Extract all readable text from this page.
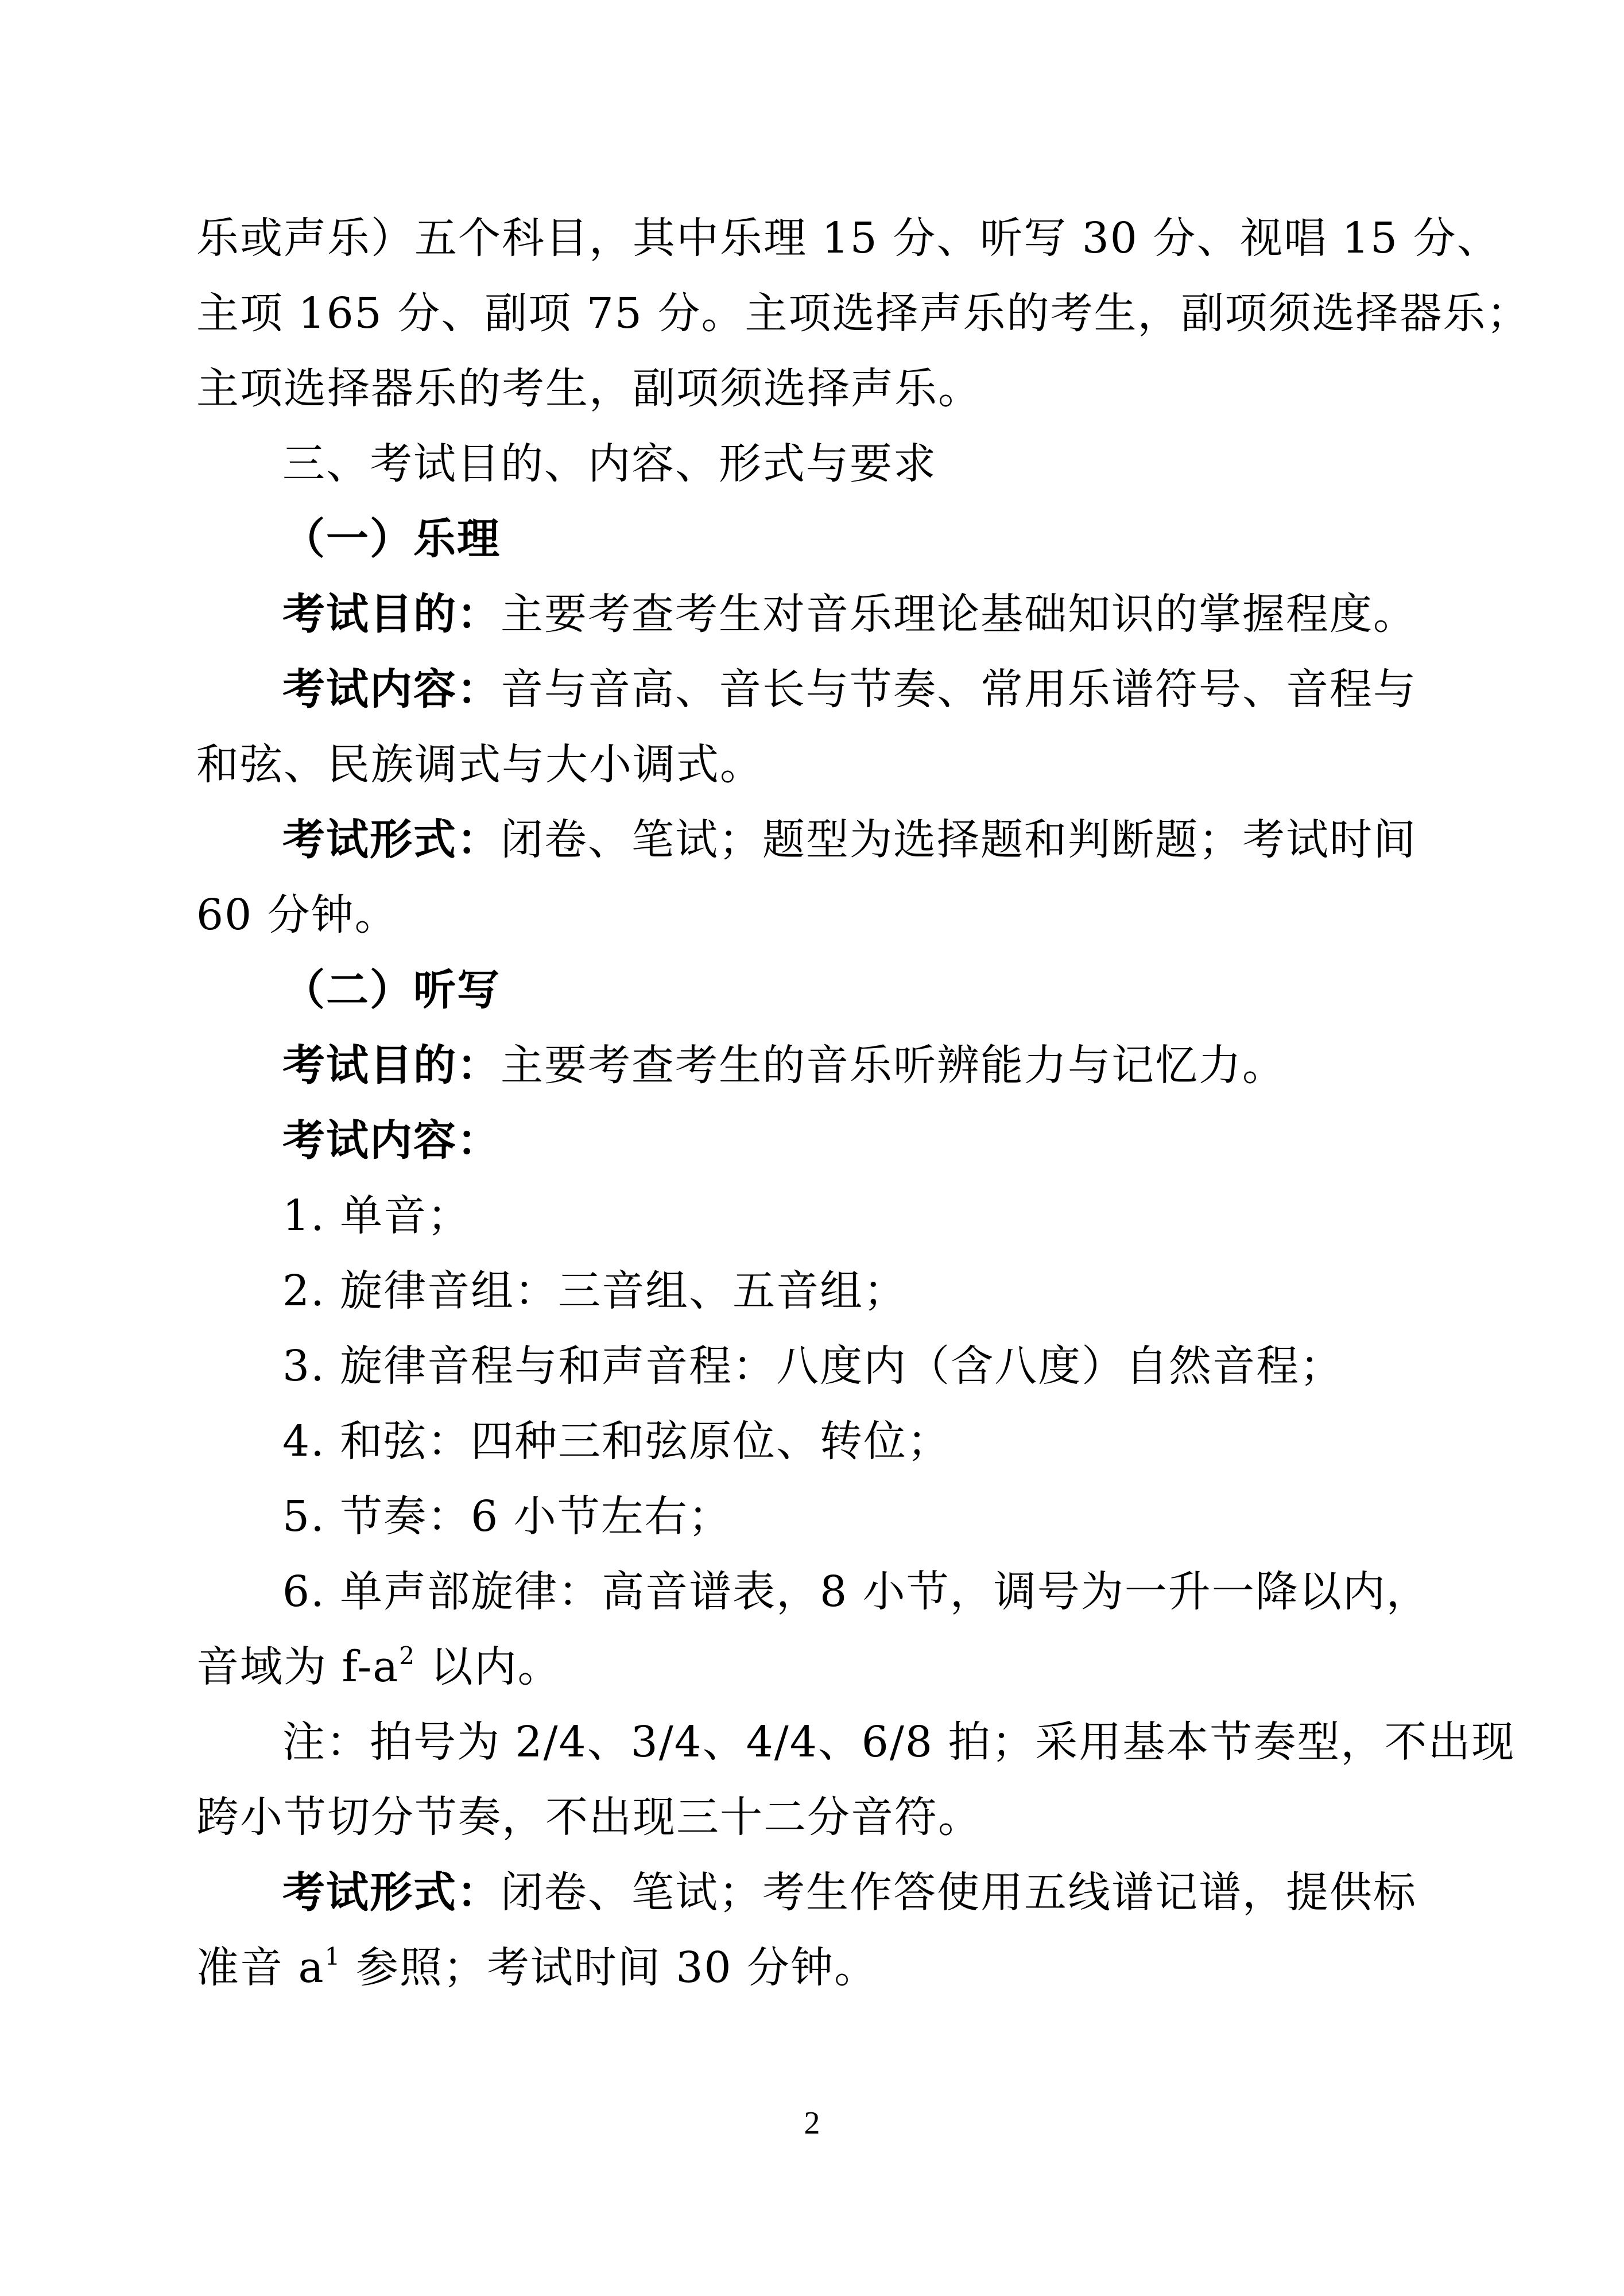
乐或声乐）五个科目，其中乐理 15 分、听写 30 分、视唱 15 分、
主项 165 分、副项 75 分。主项选择声乐的考生，副项须选择器乐；
主项选择器乐的考生，副项须选择声乐。
三、考试目的、内容、形式与要求
（一）乐理
考试目的：主要考查考生对音乐理论基础知识的掌握程度。
考试内容：音与音高、音长与节奏、常用乐谱符号、音程与
和弦、民族调式与大小调式。
考试形式：闭卷、笔试；题型为选择题和判断题；考试时间
60 分钟。
（二）听写
考试目的：主要考查考生的音乐听辨能力与记忆力。
考试内容：
1. 单音；
2. 旋律音组：三音组、五音组；
3. 旋律音程与和声音程：八度内（含八度）自然音程；
4. 和弦：四种三和弦原位、转位；
5. 节奏：6 小节左右；
6. 单声部旋律：高音谱表，8 小节，调号为一升一降以内，
音域为 $f-a^2$ 以内。
注：拍号为 2/4、3/4、4/4、6/8 拍；采用基本节奏型，不出现
跨小节切分节奏，不出现三十二分音符。
考试形式：闭卷、笔试；考生作答使用五线谱记谱，提供标
准音 $a^1$ 参照；考试时间 30 分钟。
2
